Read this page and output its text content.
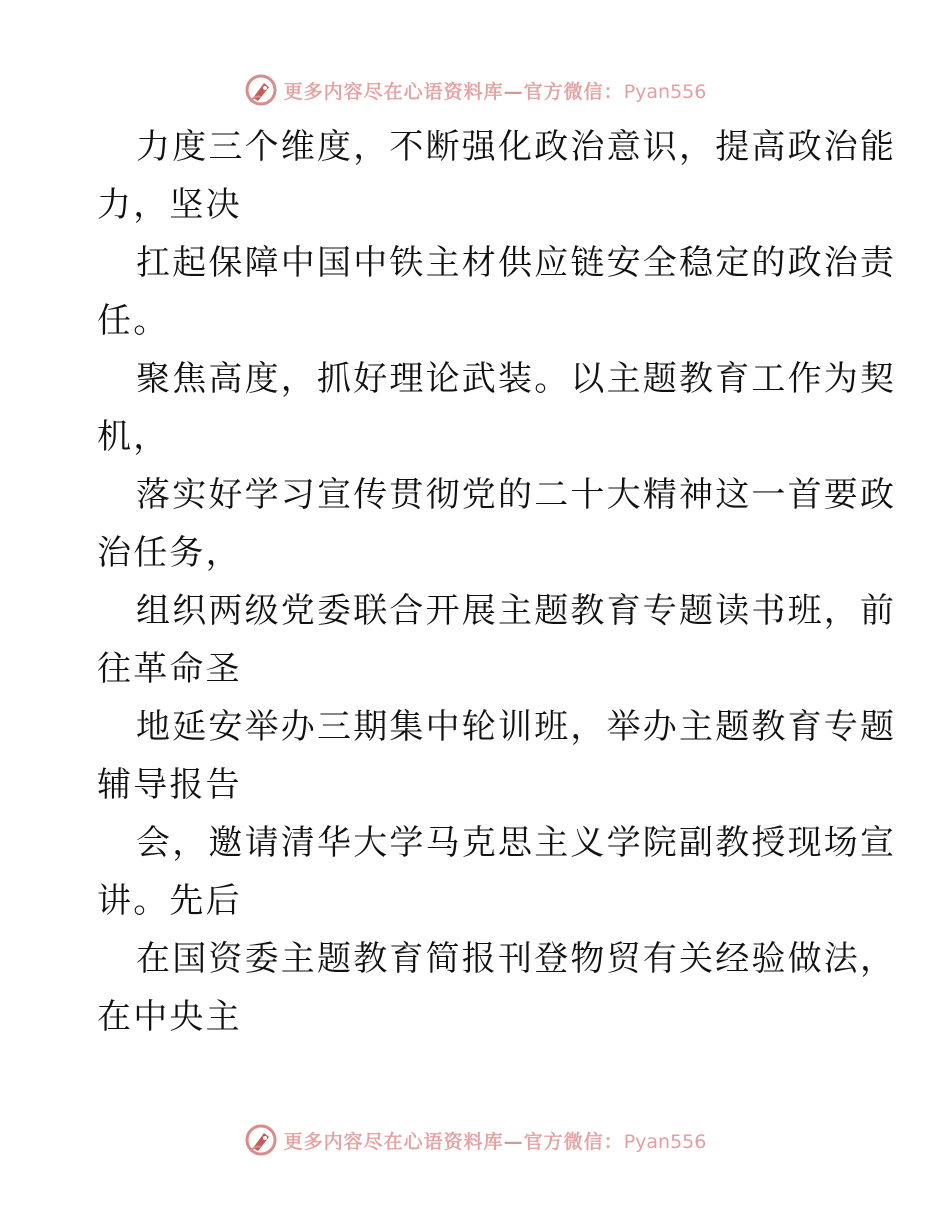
更多内容尽在心语资料库—官方微信：Pyan556
力度三个维度，不断强化政治意识，提高政治能
力，坚决
扛起保障中国中铁主材供应链安全稳定的政治责
任。
聚焦高度，抓好理论武装。以主题教育工作为契
机，
落实好学习宣传贯彻党的二十大精神这一首要政
治任务，
组织两级党委联合开展主题教育专题读书班，前
往革命圣
地延安举办三期集中轮训班，举办主题教育专题
辅导报告
会，邀请清华大学马克思主义学院副教授现场宣
讲。先后
在国资委主题教育简报刊登物贸有关经验做法，
在中央主
更多内容尽在心语资料库—官方微信：Pyan556
